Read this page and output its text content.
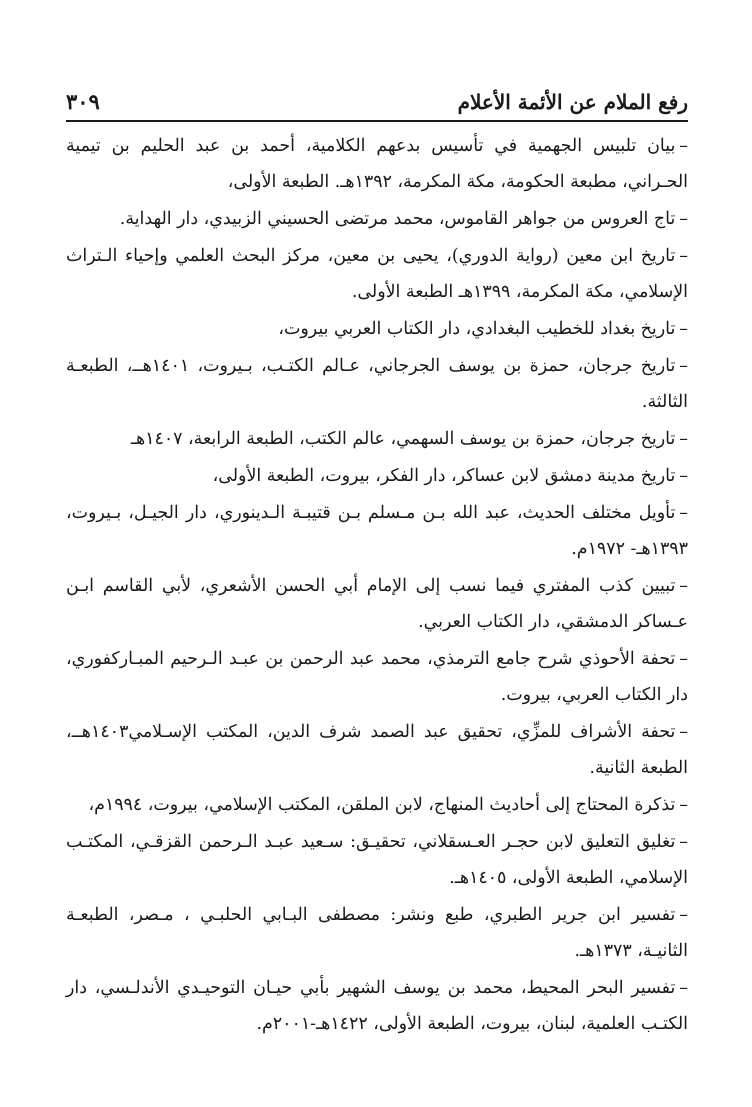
رفع الملام عن الأئمة الأعلام
٣٠٩
–بيان تلبيس الجهمية في تأسيس بدعهم الكلامية، أحمد بن عبد الحليم بن تيمية الحـراني، مطبعة الحكومة، مكة المكرمة، ١٣٩٢هـ. الطبعة الأولى،
–تاج العروس من جواهر القاموس، محمد مرتضى الحسيني الزبيدي، دار الهداية.
–تاريخ ابن معين (رواية الدوري)، يحيى بن معين، مركز البحث العلمي وإحياء الـتراث الإسلامي، مكة المكرمة، ١٣٩٩هـ الطبعة الأولى.
–تاريخ بغداد للخطيب البغدادي، دار الكتاب العربي بيروت،
–تاريخ جرجان، حمزة بن يوسف الجرجاني، عـالم الكتـب، بـيروت، ١٤٠١هــ، الطبعـة الثالثة.
–تاريخ جرجان، حمزة بن يوسف السهمي، عالم الكتب، الطبعة الرابعة، ١٤٠٧هـ
–تاريخ مدينة دمشق لابن عساكر، دار الفكر، بيروت، الطبعة الأولى،
–تأويل مختلف الحديث، عبد الله بـن مـسلم بـن قتيبـة الـدينوري، دار الجيـل، بـيروت، ١٣٩٣هـ- ١٩٧٢م.
–تبيين كذب المفتري فيما نسب إلى الإمام أبي الحسن الأشعري، لأبي القاسم ابـن عـساكر الدمشقي، دار الكتاب العربي.
–تحفة الأحوذي شرح جامع الترمذي، محمد عبد الرحمن بن عبـد الـرحيم المبـاركفوري، دار الكتاب العربي، بيروت.
–تحفة الأشراف للمزِّي، تحقيق عبد الصمد شرف الدين، المكتب الإسـلامي١٤٠٣هــ، الطبعة الثانية.
–تذكرة المحتاج إلى أحاديث المنهاج، لابن الملقن، المكتب الإسلامي، بيروت، ١٩٩٤م،
–تغليق التعليق لابن حجـر العـسقلاني، تحقيـق: سـعيد عبـد الـرحمن القزقـي، المكتـب الإسلامي، الطبعة الأولى، ١٤٠٥هـ.
–تفسير ابن جرير الطبري، طبع ونشر: مصطفى البـابي الحلبـي ، مـصر، الطبعـة الثانيـة، ١٣٧٣هـ.
–تفسير البحر المحيط، محمد بن يوسف الشهير بأبي حيـان التوحيـدي الأندلـسي، دار الكتـب العلمية، لبنان، بيروت، الطبعة الأولى، ١٤٢٢هـ-٢٠٠١م.
